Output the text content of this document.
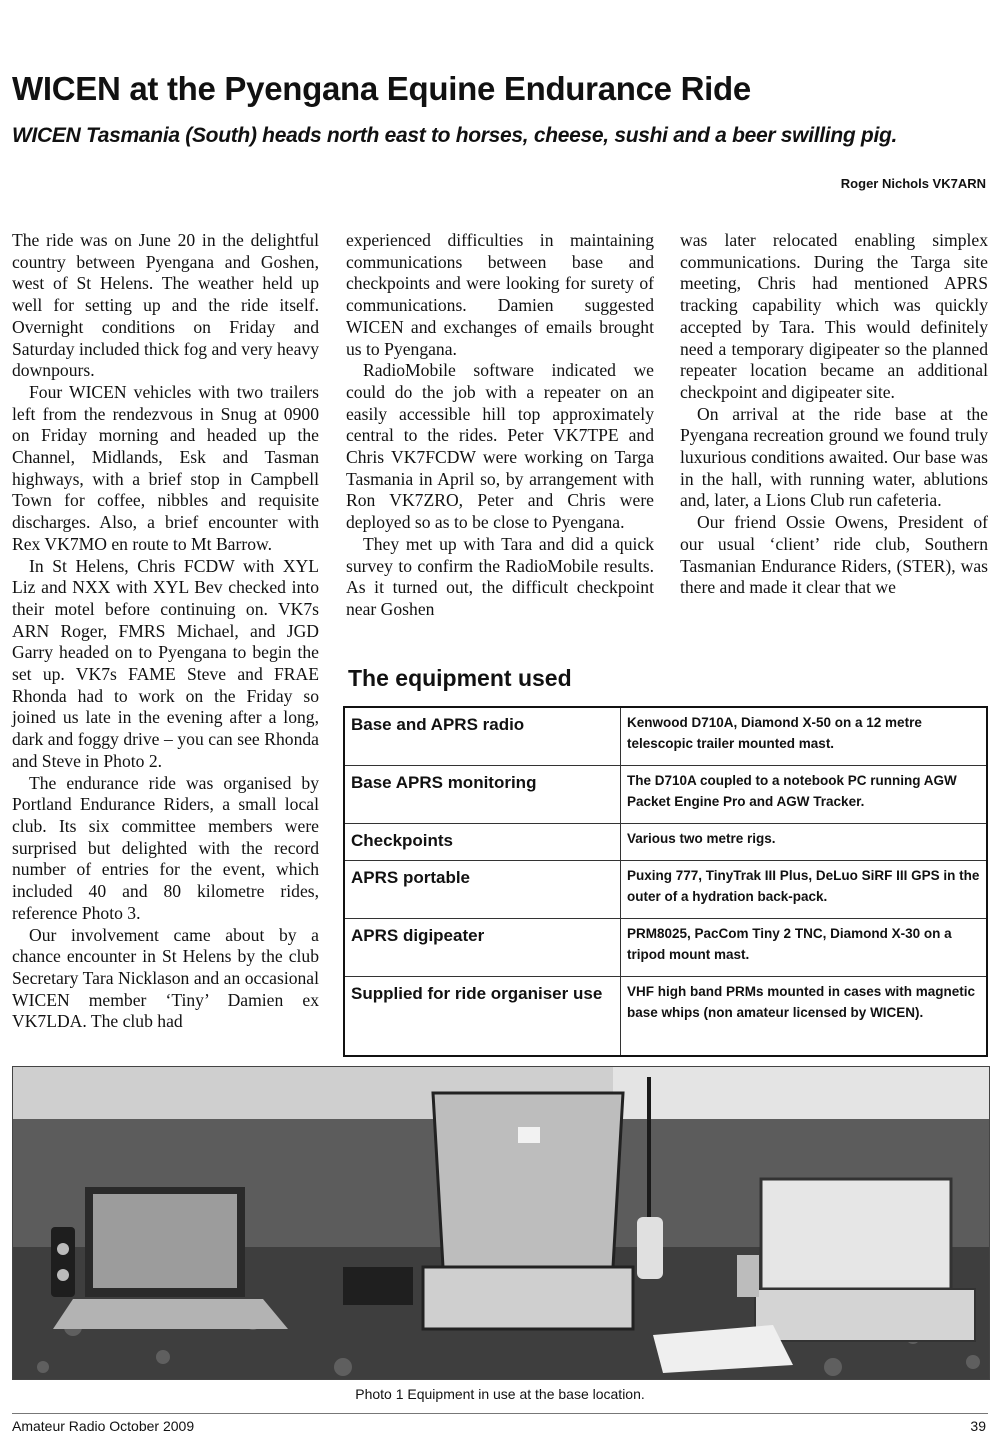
WICEN at the Pyengana Equine Endurance Ride
WICEN Tasmania (South) heads north east to horses, cheese, sushi and a beer swilling pig.
Roger Nichols VK7ARN

The ride was on June 20 in the delightful country between Pyengana and Goshen, west of St Helens. The weather held up well for setting up and the ride itself. Overnight conditions on Friday and Saturday included thick fog and very heavy downpours.

Four WICEN vehicles with two trailers left from the rendezvous in Snug at 0900 on Friday morning and headed up the Channel, Midlands, Esk and Tasman highways, with a brief stop in Campbell Town for coffee, nibbles and requisite discharges. Also, a brief encounter with Rex VK7MO en route to Mt Barrow.

In St Helens, Chris FCDW with XYL Liz and NXX with XYL Bev checked into their motel before continuing on. VK7s ARN Roger, FMRS Michael, and JGD Garry headed on to Pyengana to begin the set up. VK7s FAME Steve and FRAE Rhonda had to work on the Friday so joined us late in the evening after a long, dark and foggy drive – you can see Rhonda and Steve in Photo 2.

The endurance ride was organised by Portland Endurance Riders, a small local club. Its six committee members were surprised but delighted with the record number of entries for the event, which included 40 and 80 kilometre rides, reference Photo 3.

Our involvement came about by a chance encounter in St Helens by the club Secretary Tara Nicklason and an occasional WICEN member ‘Tiny’ Damien ex VK7LDA. The club had

experienced difficulties in maintaining communications between base and checkpoints and were looking for surety of communications. Damien suggested WICEN and exchanges of emails brought us to Pyengana.

RadioMobile software indicated we could do the job with a repeater on an easily accessible hill top approximately central to the rides. Peter VK7TPE and Chris VK7FCDW were working on Targa Tasmania in April so, by arrangement with Ron VK7ZRO, Peter and Chris were deployed so as to be close to Pyengana.

They met up with Tara and did a quick survey to confirm the RadioMobile results. As it turned out, the difficult checkpoint near Goshen

was later relocated enabling simplex communications. During the Targa site meeting, Chris had mentioned APRS tracking capability which was quickly accepted by Tara. This would definitely need a temporary digipeater so the planned repeater location became an additional checkpoint and digipeater site.

On arrival at the ride base at the Pyengana recreation ground we found truly luxurious conditions awaited. Our base was in the hall, with running water, ablutions and, later, a Lions Club run cafeteria.

Our friend Ossie Owens, President of our usual ‘client’ ride club, Southern Tasmanian Endurance Riders, (STER), was there and made it clear that we

The equipment used
Base and APRS radio	Kenwood D710A, Diamond X-50 on a 12 metre telescopic trailer mounted mast.
Base APRS monitoring	The D710A coupled to a notebook PC running AGW Packet Engine Pro and AGW Tracker.
Checkpoints	Various two metre rigs.
APRS portable	Puxing 777, TinyTrak III Plus, DeLuo SiRF III GPS in the outer of a hydration back-pack.
APRS digipeater	PRM8025, PacCom Tiny 2 TNC, Diamond X-30 on a tripod mount mast.
Supplied for ride organiser use	VHF high band PRMs mounted in cases with magnetic base whips (non amateur licensed by WICEN).
Photo 1 Equipment in use at the base location.
Amateur Radio October 2009	39
